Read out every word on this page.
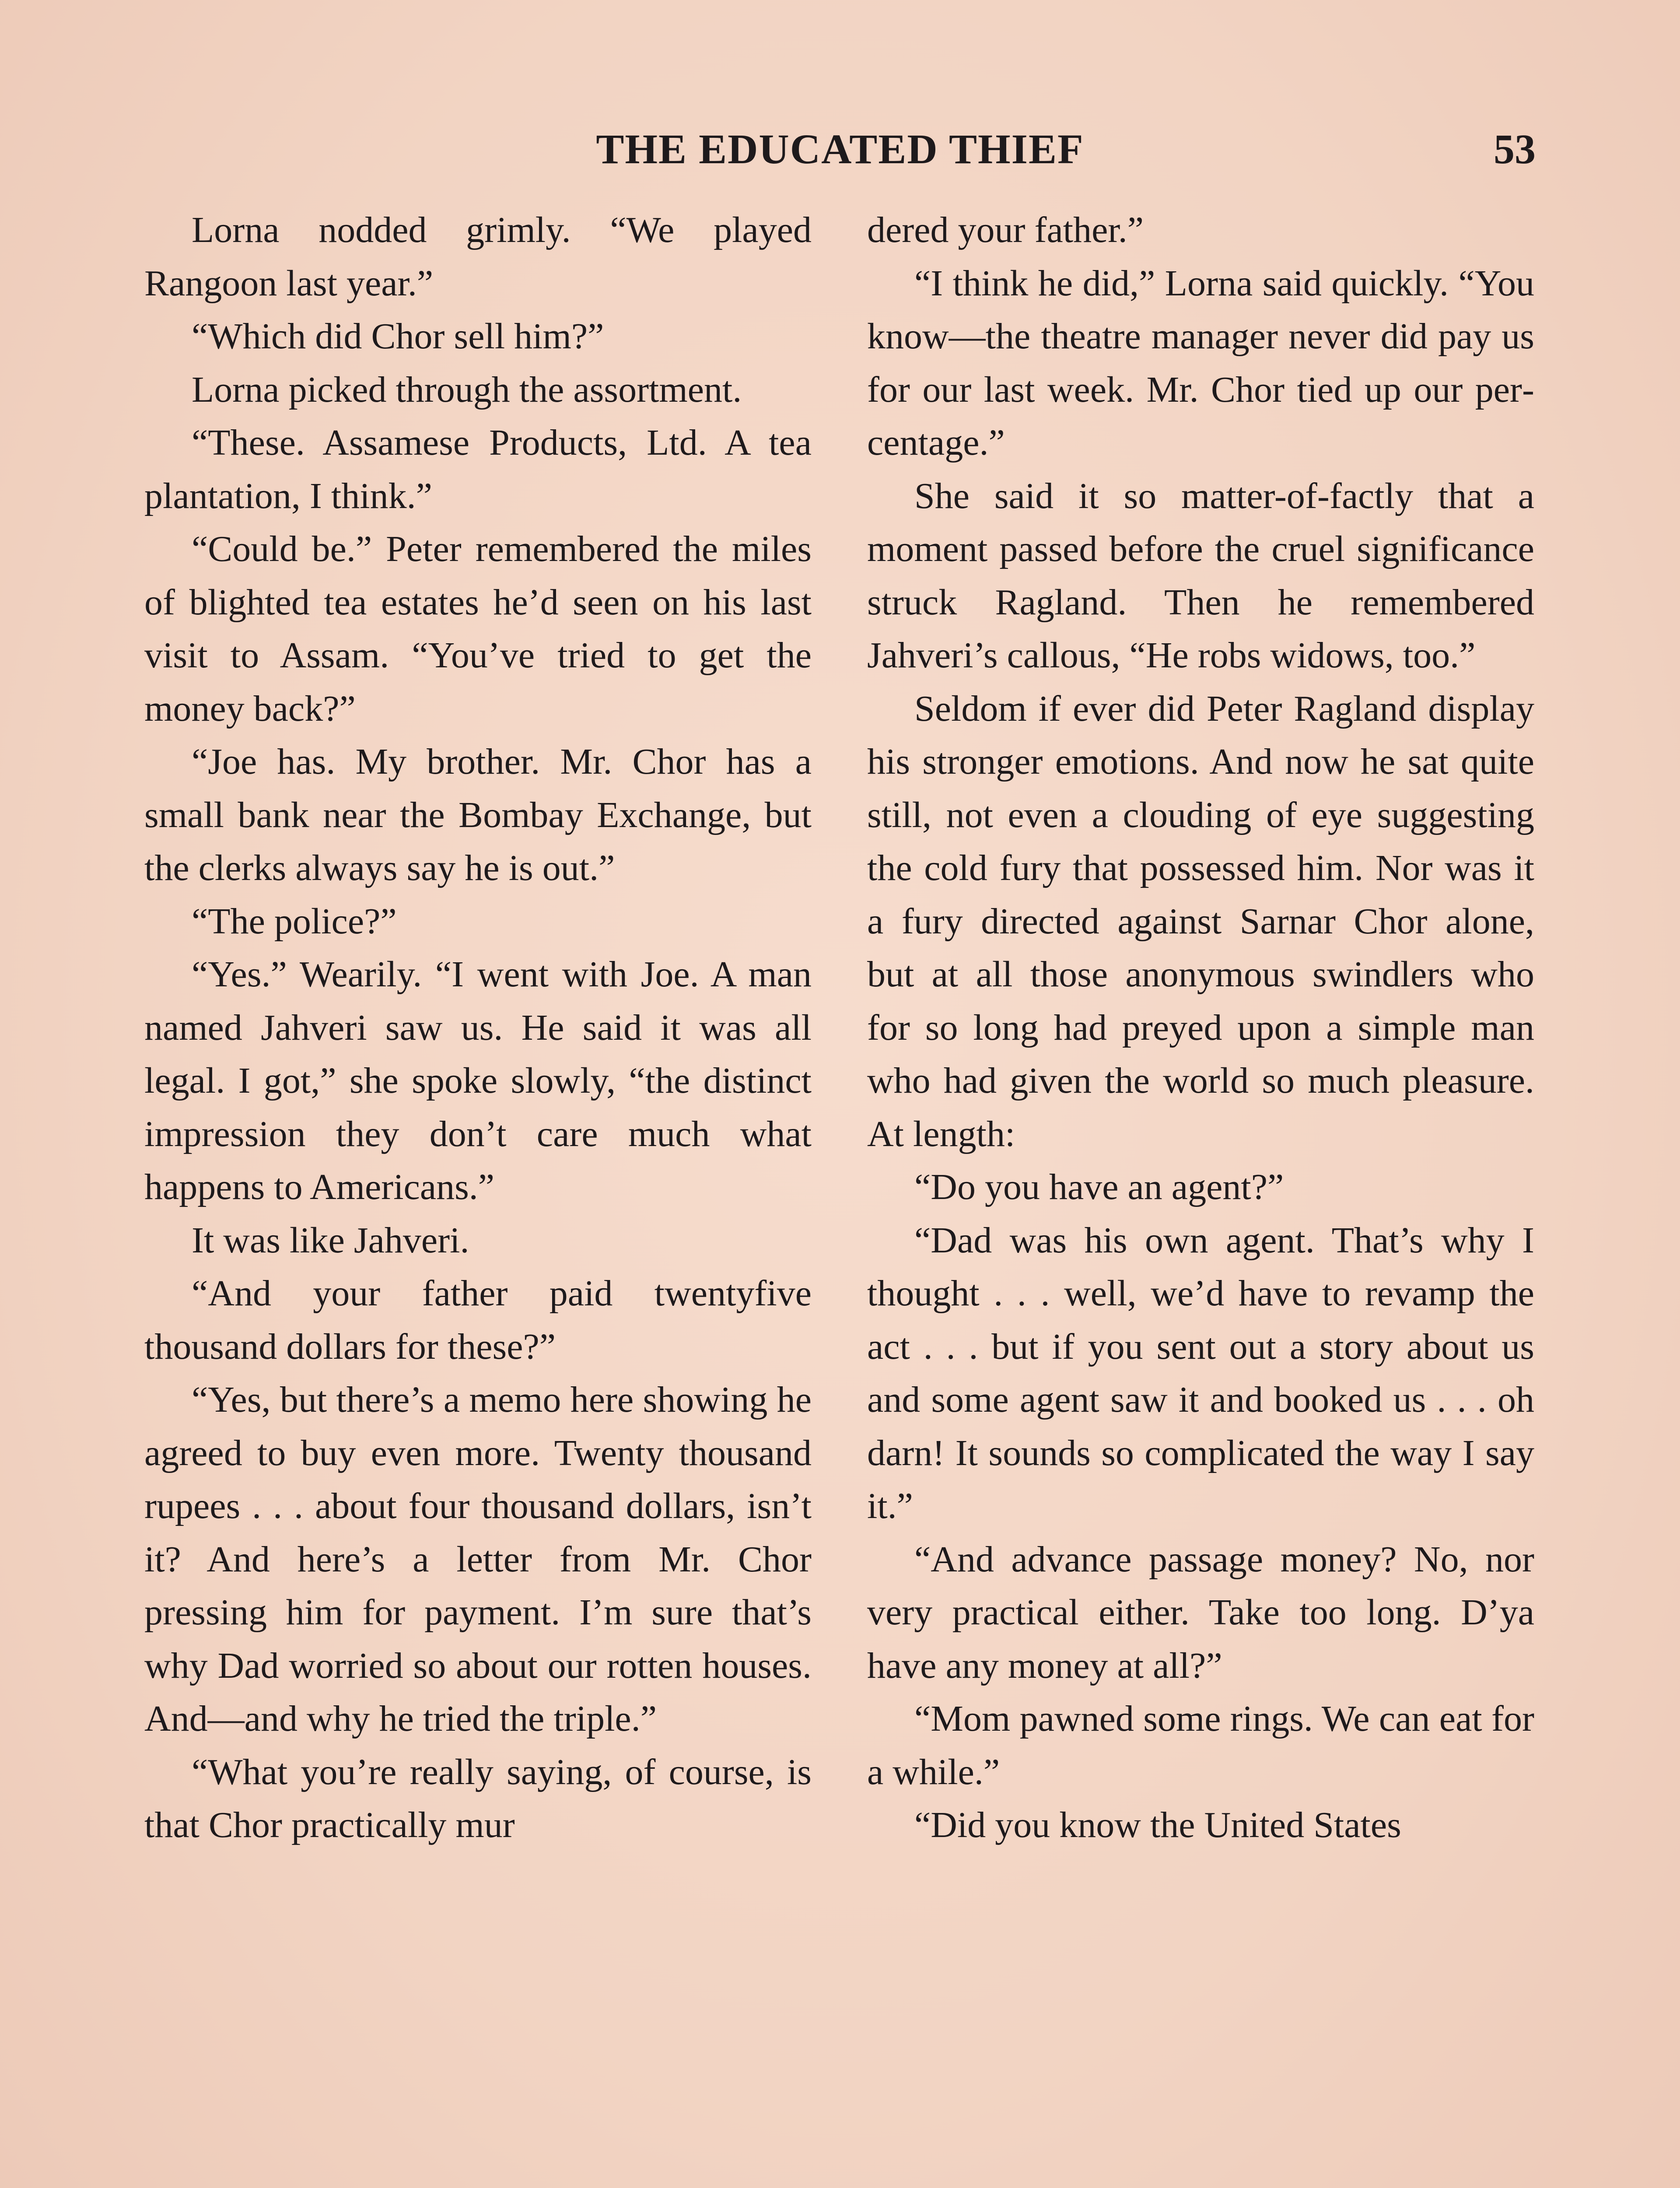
THE EDUCATED THIEF	53

Lorna nodded grimly. “We played Rangoon last year.”

“Which did Chor sell him?”

Lorna picked through the assortment.

“These. Assamese Products, Ltd. A tea plantation, I think.”

“Could be.” Peter remembered the miles of blighted tea estates he’d seen on his last visit to Assam. “You’ve tried to get the money back?”

“Joe has. My brother. Mr. Chor has a small bank near the Bombay Exchange, but the clerks always say he is out.”

“The police?”

“Yes.” Wearily. “I went with Joe. A man named Jahveri saw us. He said it was all legal. I got,” she spoke slowly, “the distinct impression they don’t care much what happens to Americans.”

It was like Jahveri.

“And your father paid twentyfive thousand dollars for these?”

“Yes, but there’s a memo here showing he agreed to buy even more. Twenty thousand rupees . . . about four thousand dollars, isn’t it? And here’s a letter from Mr. Chor pressing him for payment. I’m sure that’s why Dad worried so about our rotten houses. And—and why he tried the triple.”

“What you’re really saying, of course, is that Chor practically mur

dered your father.”

“I think he did,” Lorna said quickly. “You know—the theatre manager never did pay us for our last week. Mr. Chor tied up our percentage.”

She said it so matter-of-factly that a moment passed before the cruel significance struck Ragland. Then he remembered Jahveri’s callous, “He robs widows, too.”

Seldom if ever did Peter Ragland display his stronger emotions. And now he sat quite still, not even a clouding of eye suggesting the cold fury that possessed him. Nor was it a fury directed against Sarnar Chor alone, but at all those anonymous swindlers who for so long had preyed upon a simple man who had given the world so much pleasure. At length:

“Do you have an agent?”

“Dad was his own agent. That’s why I thought . . . well, we’d have to revamp the act . . . but if you sent out a story about us and some agent saw it and booked us . . . oh darn! It sounds so complicated the way I say it.”

“And advance passage money? No, nor very practical either. Take too long. D’ya have any money at all?”

“Mom pawned some rings. We can eat for a while.”

“Did you know the United States
